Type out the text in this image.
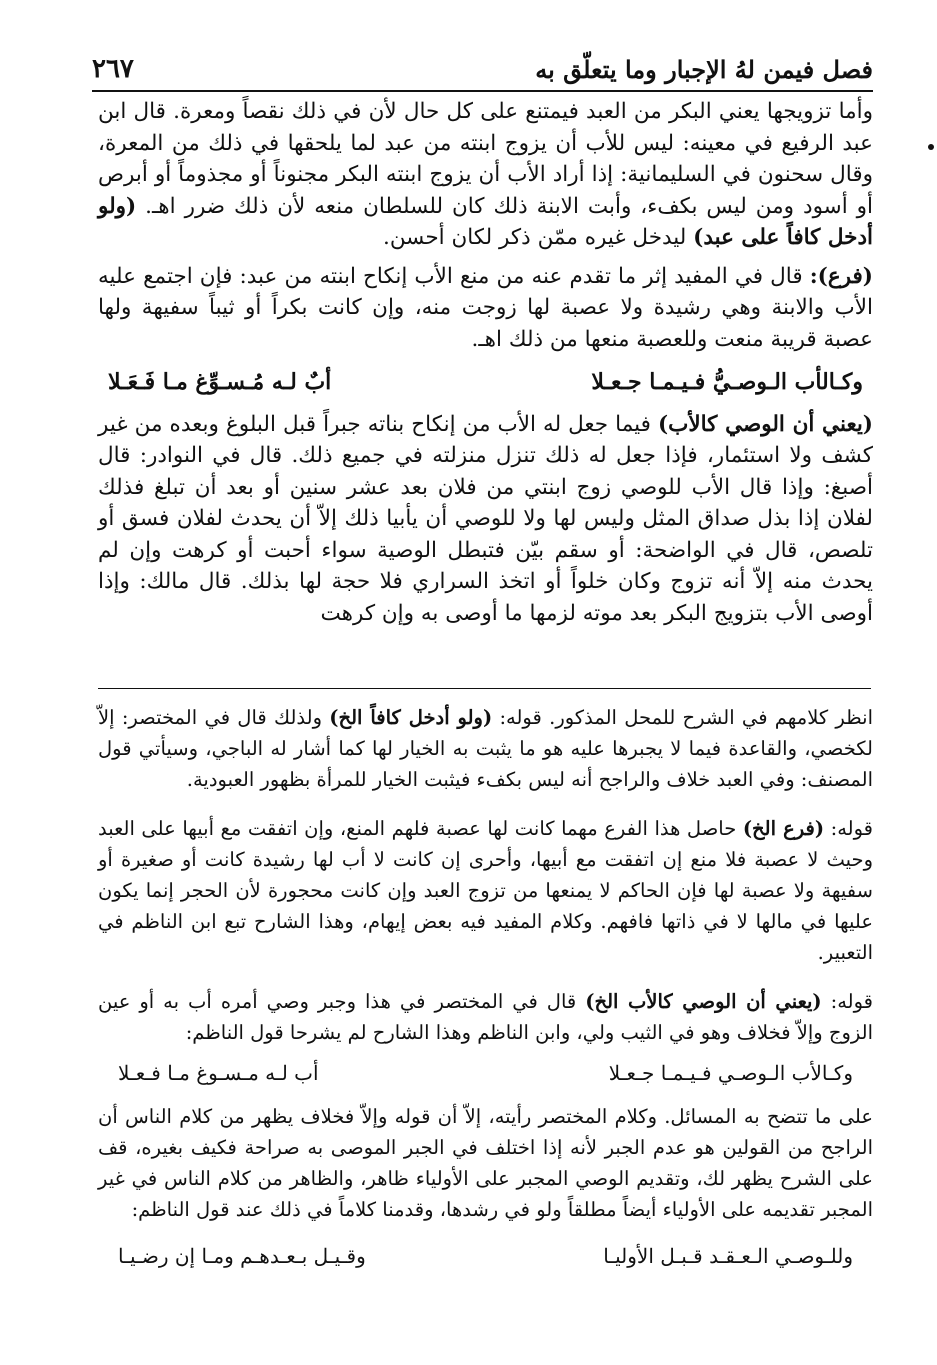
فصل فيمن لهُ الإجبار وما يتعلّق به
٢٦٧

وأما تزويجها يعني البكر من العبد فيمتنع على كل حال لأن في ذلك نقصاً ومعرة. قال ابن عبد الرفيع في معينه: ليس للأب أن يزوج ابنته من عبد لما يلحقها في ذلك من المعرة، وقال سحنون في السليمانية: إذا أراد الأب أن يزوج ابنته البكر مجنوناً أو مجذوماً أو أبرص أو أسود ومن ليس بكفء، وأبت الابنة ذلك كان للسلطان منعه لأن ذلك ضرر اهـ. (ولو أدخل كافاً على عبد) ليدخل غيره ممّن ذكر لكان أحسن.

(فرع): قال في المفيد إثر ما تقدم عنه من منع الأب إنكاح ابنته من عبد: فإن اجتمع عليه الأب والابنة وهي رشيدة ولا عصبة لها زوجت منه، وإن كانت بكراً أو ثيباً سفيهة ولها عصبة قريبة منعت وللعصبة منعها من ذلك اهـ.

وكـالأب الـوصـيُّ فـيـمـا جـعـلا
أبٌ لـه مُـسـوِّغ مـا فَـعَـلا

(يعني أن الوصي كالأب) فيما جعل له الأب من إنكاح بناته جبراً قبل البلوغ وبعده من غير كشف ولا استئمار، فإذا جعل له ذلك تنزل منزلته في جميع ذلك. قال في النوادر: قال أصبغ: وإذا قال الأب للوصي زوج ابنتي من فلان بعد عشر سنين أو بعد أن تبلغ فذلك لفلان إذا بذل صداق المثل وليس لها ولا للوصي أن يأبيا ذلك إلاّ أن يحدث لفلان فسق أو تلصص، قال في الواضحة: أو سقم بيّن فتبطل الوصية سواء أحبت أو كرهت وإن لم يحدث منه إلاّ أنه تزوج وكان خلواً أو اتخذ السراري فلا حجة لها بذلك. قال مالك: وإذا أوصى الأب بتزويج البكر بعد موته لزمها ما أوصى به وإن كرهت

انظر كلامهم في الشرح للمحل المذكور. قوله: (ولو أدخل كافاً الخ) ولذلك قال في المختصر: إلاّ لكخصي، والقاعدة فيما لا يجبرها عليه هو ما يثبت به الخيار لها كما أشار له الباجي، وسيأتي قول المصنف: وفي العبد خلاف والراجح أنه ليس بكفء فيثبت الخيار للمرأة بظهور العبودية.

قوله: (فرع الخ) حاصل هذا الفرع مهما كانت لها عصبة فلهم المنع، وإن اتفقت مع أبيها على العبد وحيث لا عصبة فلا منع إن اتفقت مع أبيها، وأحرى إن كانت لا أب لها رشيدة كانت أو صغيرة أو سفيهة ولا عصبة لها فإن الحاكم لا يمنعها من تزوج العبد وإن كانت محجورة لأن الحجر إنما يكون عليها في مالها لا في ذاتها فافهم. وكلام المفيد فيه بعض إيهام، وهذا الشارح تبع ابن الناظم في التعبير.

قوله: (يعني أن الوصي كالأب الخ) قال في المختصر في هذا وجبر وصي أمره أب به أو عين الزوج وإلاّ فخلاف وهو في الثيب ولي، وابن الناظم وهذا الشارح لم يشرحا قول الناظم:

وكـالأب الـوصـي فـيـمـا جـعـلا
أب لـه مـسـوغ مـا فـعـلا

على ما تتضح به المسائل. وكلام المختصر رأيته، إلاّ أن قوله وإلاّ فخلاف يظهر من كلام الناس أن الراجح من القولين هو عدم الجبر لأنه إذا اختلف في الجبر الموصى به صراحة فكيف بغيره، قف على الشرح يظهر لك، وتقديم الوصي المجبر على الأولياء ظاهر، والظاهر من كلام الناس في غير المجبر تقديمه على الأولياء أيضاً مطلقاً ولو في رشدها، وقدمنا كلاماً في ذلك عند قول الناظم:

وللـوصـي الـعـقـد قـبـل الأوليـا
وقـيـل بـعـدهـم ومـا إن رضـيـا
